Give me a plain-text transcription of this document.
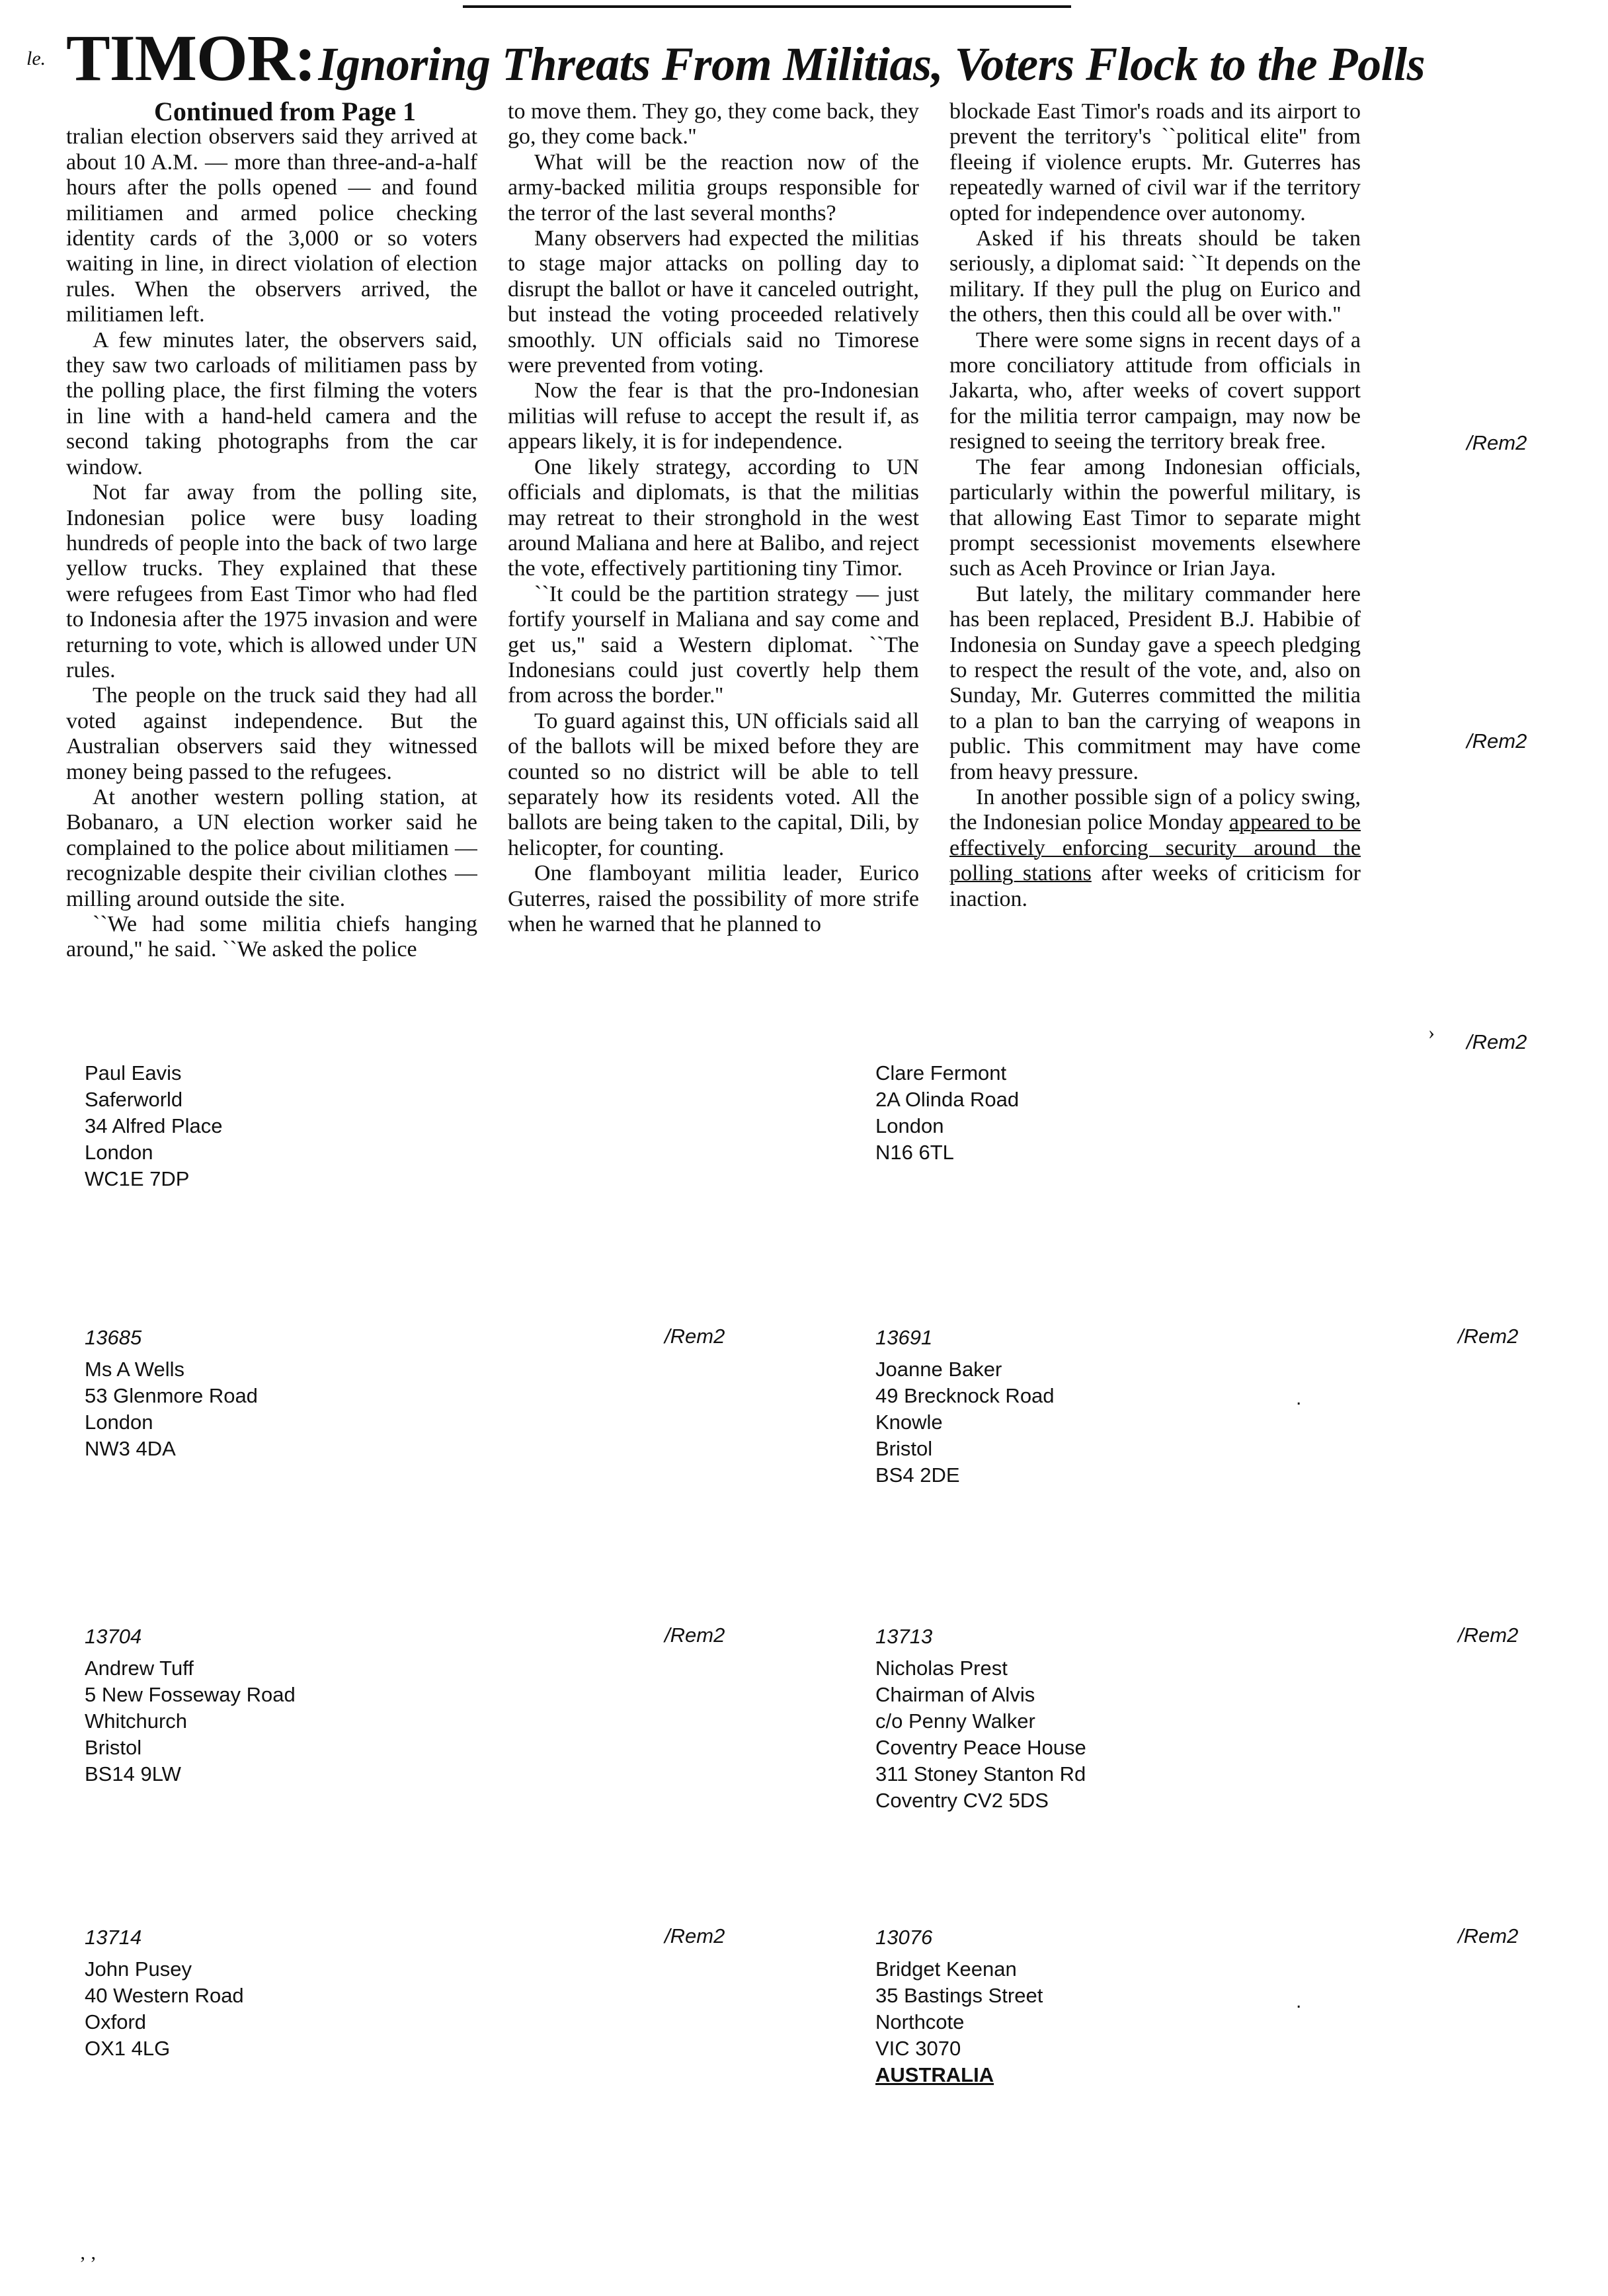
le. TIMOR: Ignoring Threats From Militias, Voters Flock to the Polls

Continued from Page 1

tralian election observers said they arrived at about 10 A.M. — more than three-and-a-half hours after the polls opened — and found militiamen and armed police checking identity cards of the 3,000 or so voters waiting in line, in direct violation of election rules. When the observers arrived, the militiamen left.

A few minutes later, the observers said, they saw two carloads of militiamen pass by the polling place, the first filming the voters in line with a hand-held camera and the second taking photographs from the car window.

Not far away from the polling site, Indonesian police were busy loading hundreds of people into the back of two large yellow trucks. They explained that these were refugees from East Timor who had fled to Indonesia after the 1975 invasion and were returning to vote, which is allowed under UN rules.

The people on the truck said they had all voted against independence. But the Australian observers said they witnessed money being passed to the refugees.

At another western polling station, at Bobanaro, a UN election worker said he complained to the police about militiamen — recognizable despite their civilian clothes — milling around outside the site.

``We had some militia chiefs hanging around,'' he said. ``We asked the police

to move them. They go, they come back, they go, they come back.''

What will be the reaction now of the army-backed militia groups responsible for the terror of the last several months?

Many observers had expected the militias to stage major attacks on polling day to disrupt the ballot or have it canceled outright, but instead the voting proceeded relatively smoothly. UN officials said no Timorese were prevented from voting.

Now the fear is that the pro-Indonesian militias will refuse to accept the result if, as appears likely, it is for independence.

One likely strategy, according to UN officials and diplomats, is that the militias may retreat to their stronghold in the west around Maliana and here at Balibo, and reject the vote, effectively partitioning tiny Timor.

``It could be the partition strategy — just fortify yourself in Maliana and say come and get us,'' said a Western diplomat. ``The Indonesians could just covertly help them from across the border.''

To guard against this, UN officials said all of the ballots will be mixed before they are counted so no district will be able to tell separately how its residents voted. All the ballots are being taken to the capital, Dili, by helicopter, for counting.

One flamboyant militia leader, Eurico Guterres, raised the possibility of more strife when he warned that he planned to

blockade East Timor's roads and its airport to prevent the territory's ``political elite'' from fleeing if violence erupts. Mr. Guterres has repeatedly warned of civil war if the territory opted for independence over autonomy.

Asked if his threats should be taken seriously, a diplomat said: ``It depends on the military. If they pull the plug on Eurico and the others, then this could all be over with.''

There were some signs in recent days of a more conciliatory attitude from officials in Jakarta, who, after weeks of covert support for the militia terror campaign, may now be resigned to seeing the territory break free.

The fear among Indonesian officials, particularly within the powerful military, is that allowing East Timor to separate might prompt secessionist movements elsewhere such as Aceh Province or Irian Jaya.

But lately, the military commander here has been replaced, President B.J. Habibie of Indonesia on Sunday gave a speech pledging to respect the result of the vote, and, also on Sunday, Mr. Guterres committed the militia to a plan to ban the carrying of weapons in public. This commitment may have come from heavy pressure.

In another possible sign of a policy swing, the Indonesian police Monday appeared to be effectively enforcing security around the polling stations after weeks of criticism for inaction.

›
/Rem2
/Rem2
/Rem2
Paul Eavis
Saferworld
34 Alfred Place
London
WC1E 7DP
Clare Fermont
2A Olinda Road
London
N16 6TL
13685
Ms A Wells
53 Glenmore Road
London
NW3 4DA
/Rem2	13691
Joanne Baker
49 Brecknock Road
Knowle
Bristol
BS4 2DE
/Rem2
.
13704
Andrew Tuff
5 New Fosseway Road
Whitchurch
Bristol
BS14 9LW
/Rem2	13713
Nicholas Prest
Chairman of Alvis
c/o Penny Walker
Coventry Peace House
311 Stoney Stanton Rd
Coventry CV2 5DS
/Rem2
13714
John Pusey
40 Western Road
Oxford
OX1 4LG
/Rem2	13076
Bridget Keenan
35 Bastings Street
Northcote
VIC 3070
AUSTRALIA
/Rem2
.
‚ ,
